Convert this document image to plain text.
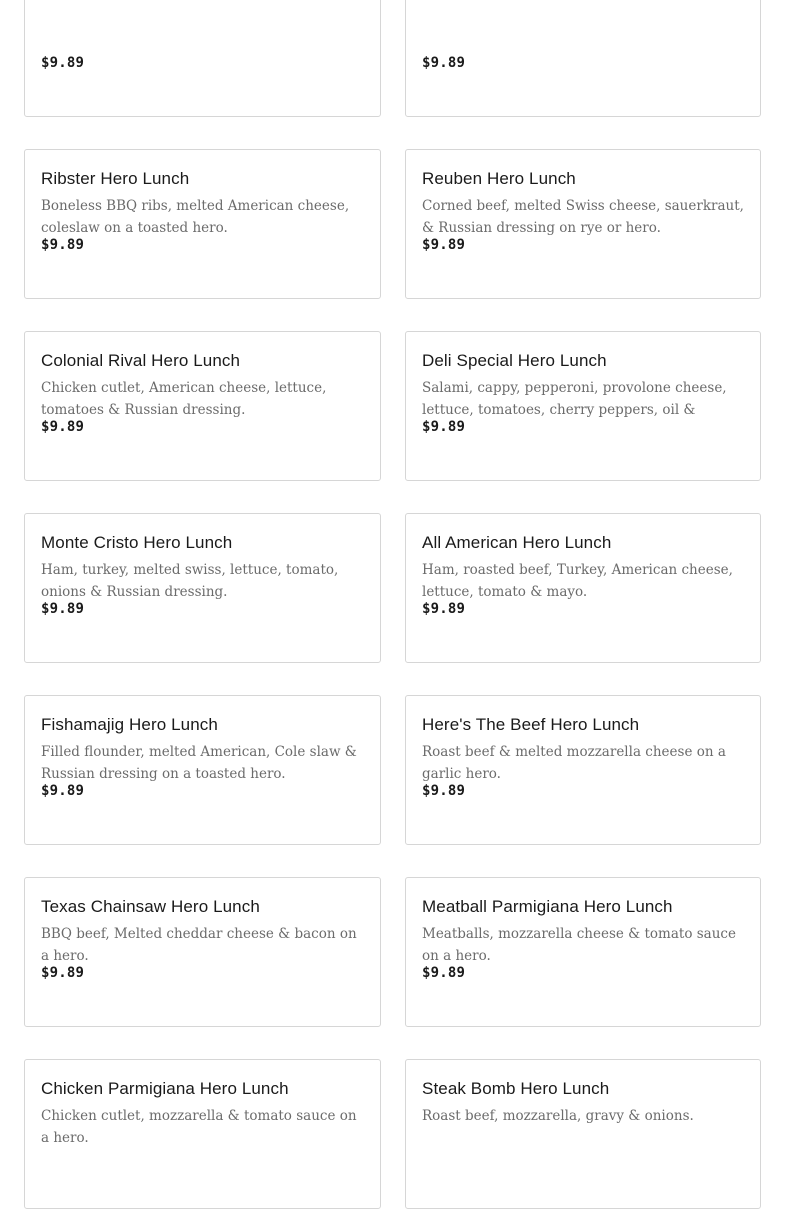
$9.89	$9.89
Ribster Hero Lunch
Boneless BBQ ribs, melted American cheese, coleslaw on a toasted hero.
$9.89
Reuben Hero Lunch
Corned beef, melted Swiss cheese, sauerkraut, & Russian dressing on rye or hero.
$9.89
Colonial Rival Hero Lunch
Chicken cutlet, American cheese, lettuce, tomatoes & Russian dressing.
$9.89
Deli Special Hero Lunch
Salami, cappy, pepperoni, provolone cheese, lettuce, tomatoes, cherry peppers, oil &
$9.89
Monte Cristo Hero Lunch
Ham, turkey, melted swiss, lettuce, tomato, onions & Russian dressing.
$9.89
All American Hero Lunch
Ham, roasted beef, Turkey, American cheese, lettuce, tomato & mayo.
$9.89
Fishamajig Hero Lunch
Filled flounder, melted American, Cole slaw & Russian dressing on a toasted hero.
$9.89
Here's The Beef Hero Lunch
Roast beef & melted mozzarella cheese on a garlic hero.
$9.89
Texas Chainsaw Hero Lunch
BBQ beef, Melted cheddar cheese & bacon on a hero.
$9.89
Meatball Parmigiana Hero Lunch
Meatballs, mozzarella cheese & tomato sauce on a hero.
$9.89
Chicken Parmigiana Hero Lunch
Chicken cutlet, mozzarella & tomato sauce on a hero.
Steak Bomb Hero Lunch
Roast beef, mozzarella, gravy & onions.
